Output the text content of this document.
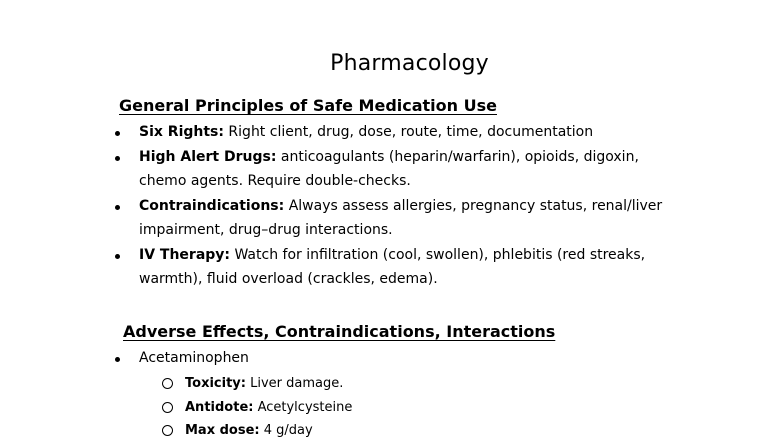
Pharmacology
General Principles of Safe Medication Use
Six Rights: Right client, drug, dose, route, time, documentation
High Alert Drugs: anticoagulants (heparin/warfarin), opioids, digoxin, chemo agents. Require double-checks.
Contraindications: Always assess allergies, pregnancy status, renal/liver impairment, drug–drug interactions.
IV Therapy: Watch for infiltration (cool, swollen), phlebitis (red streaks, warmth), fluid overload (crackles, edema).
Adverse Effects, Contraindications, Interactions
Acetaminophen
Toxicity: Liver damage.
Antidote: Acetylcysteine
Max dose: 4 g/day
